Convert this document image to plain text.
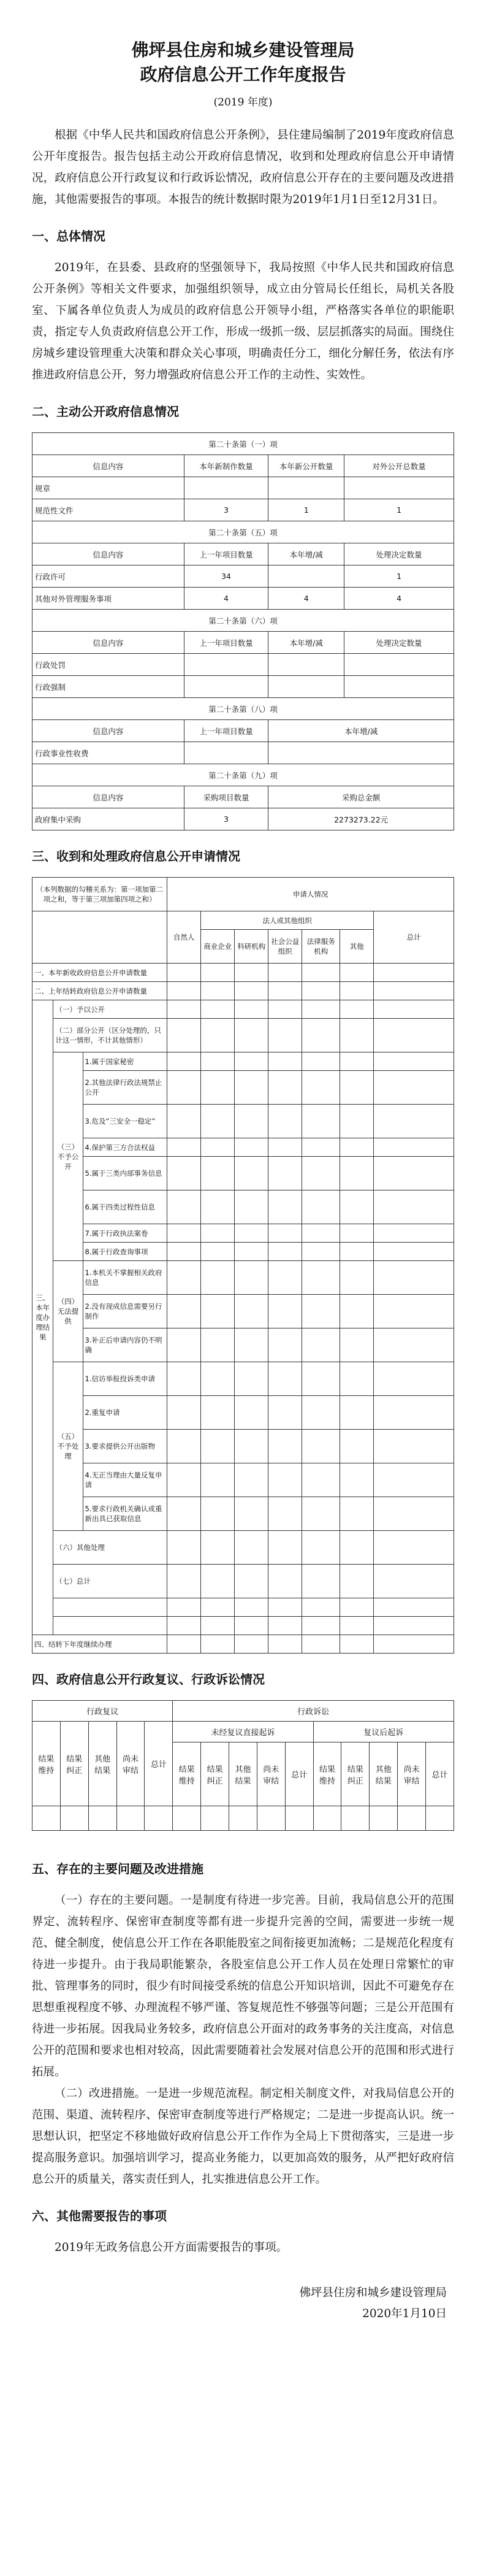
佛坪县住房和城乡建设管理局
政府信息公开工作年度报告
(2019 年度)

根据《中华人民共和国政府信息公开条例》，县住建局编制了2019年度政府信息公开年度报告。报告包括主动公开政府信息情况，收到和处理政府信息公开申请情况，政府信息公开行政复议和行政诉讼情况，政府信息公开存在的主要问题及改进措施，其他需要报告的事项。本报告的统计数据时限为2019年1月1日至12月31日。

一、总体情况

2019年，在县委、县政府的坚强领导下，我局按照《中华人民共和国政府信息公开条例》等相关文件要求，加强组织领导，成立由分管局长任组长，局机关各股室、下属各单位负责人为成员的政府信息公开领导小组，严格落实各单位的职能职责，指定专人负责政府信息公开工作，形成一级抓一级、层层抓落实的局面。围绕住房城乡建设管理重大决策和群众关心事项，明确责任分工，细化分解任务，依法有序推进政府信息公开，努力增强政府信息公开工作的主动性、实效性。

二、主动公开政府信息情况
第二十条第（一）项			
信息内容	本年新制作数量	本年新公开数量	对外公开总数量
规章			
规范性文件	3	1	1
第二十条第（五）项			
信息内容	上一年项目数量	本年增/减	处理决定数量
行政许可	34		1
其他对外管理服务事项	4	4	4
第二十条第（六）项			
信息内容	上一年项目数量	本年增/减	处理决定数量
行政处罚			
行政强制			
第二十条第（八）项			
信息内容	上一年项目数量	本年增/减	
行政事业性收费			
第二十条第（九）项			
信息内容	采购项目数量	采购总金额	
政府集中采购	3	2273273.22元	
三、收到和处理政府信息公开申请情况
（本列数据的勾稽关系为：第一项加第二项之和，等于第三项加第四项之和）			申请人情况						
			自然人	法人或其他组织					总计
				商业企业	科研机构	社会公益组织	法律服务机构	其他	
一、本年新收政府信息公开申请数量									
二、上年结转政府信息公开申请数量									
三、本年度办理结果	（一）予以公开								
	（二）部分公开（区分处理的，只计这一情形，不计其他情形）								
	（三）不予公开	1.属于国家秘密							
		2.其他法律行政法规禁止公开							
		3.危及“三安全一稳定”							
		4.保护第三方合法权益							
		5.属于三类内部事务信息							
		6.属于四类过程性信息							
		7.属于行政执法案卷							
		8.属于行政查询事项							
	（四）无法提供	1.本机关不掌握相关政府信息							
		2.没有现成信息需要另行制作							
		3.补正后申请内容仍不明确							
	（五）不予处理	1.信访举报投诉类申请							
		2.重复申请							
		3.要求提供公开出版物							
		4.无正当理由大量反复申请							
		5.要求行政机关确认或重新出具已获取信息							
	（六）其他处理								
	（七）总计								

四、结转下年度继续办理									
四、政府信息公开行政复议、行政诉讼情况
行政复议					行政诉讼									
结果维持	结果纠正	其他结果	尚未审结	总计	未经复议直接起诉					复议后起诉				
					结果维持	结果纠正	其他结果	尚未审结	总计	结果维持	结果纠正	其他结果	尚未审结	总计

五、存在的主要问题及改进措施

（一）存在的主要问题。一是制度有待进一步完善。目前，我局信息公开的范围界定、流转程序、保密审查制度等都有进一步提升完善的空间，需要进一步统一规范、健全制度，使信息公开工作在各职能股室之间衔接更加流畅；二是规范化程度有待进一步提升。由于我局职能繁杂，各股室信息公开工作人员在处理日常繁忙的审批、管理事务的同时，很少有时间接受系统的信息公开知识培训，因此不可避免存在思想重视程度不够、办理流程不够严谨、答复规范性不够强等问题；三是公开范围有待进一步拓展。因我局业务较多，政府信息公开面对的政务事务的关注度高，对信息公开的范围和要求也相对较高，因此需要随着社会发展对信息公开的范围和形式进行拓展。

（二）改进措施。一是进一步规范流程。制定相关制度文件，对我局信息公开的范围、渠道、流转程序、保密审查制度等进行严格规定；二是进一步提高认识。统一思想认识，把坚定不移地做好政府信息公开工作作为全局上下贯彻落实，三是进一步提高服务意识。加强培训学习，提高业务能力，以更加高效的服务，从严把好政府信息公开的质量关，落实责任到人，扎实推进信息公开工作。

六、其他需要报告的事项

2019年无政务信息公开方面需要报告的事项。

佛坪县住房和城乡建设管理局
2020年1月10日
